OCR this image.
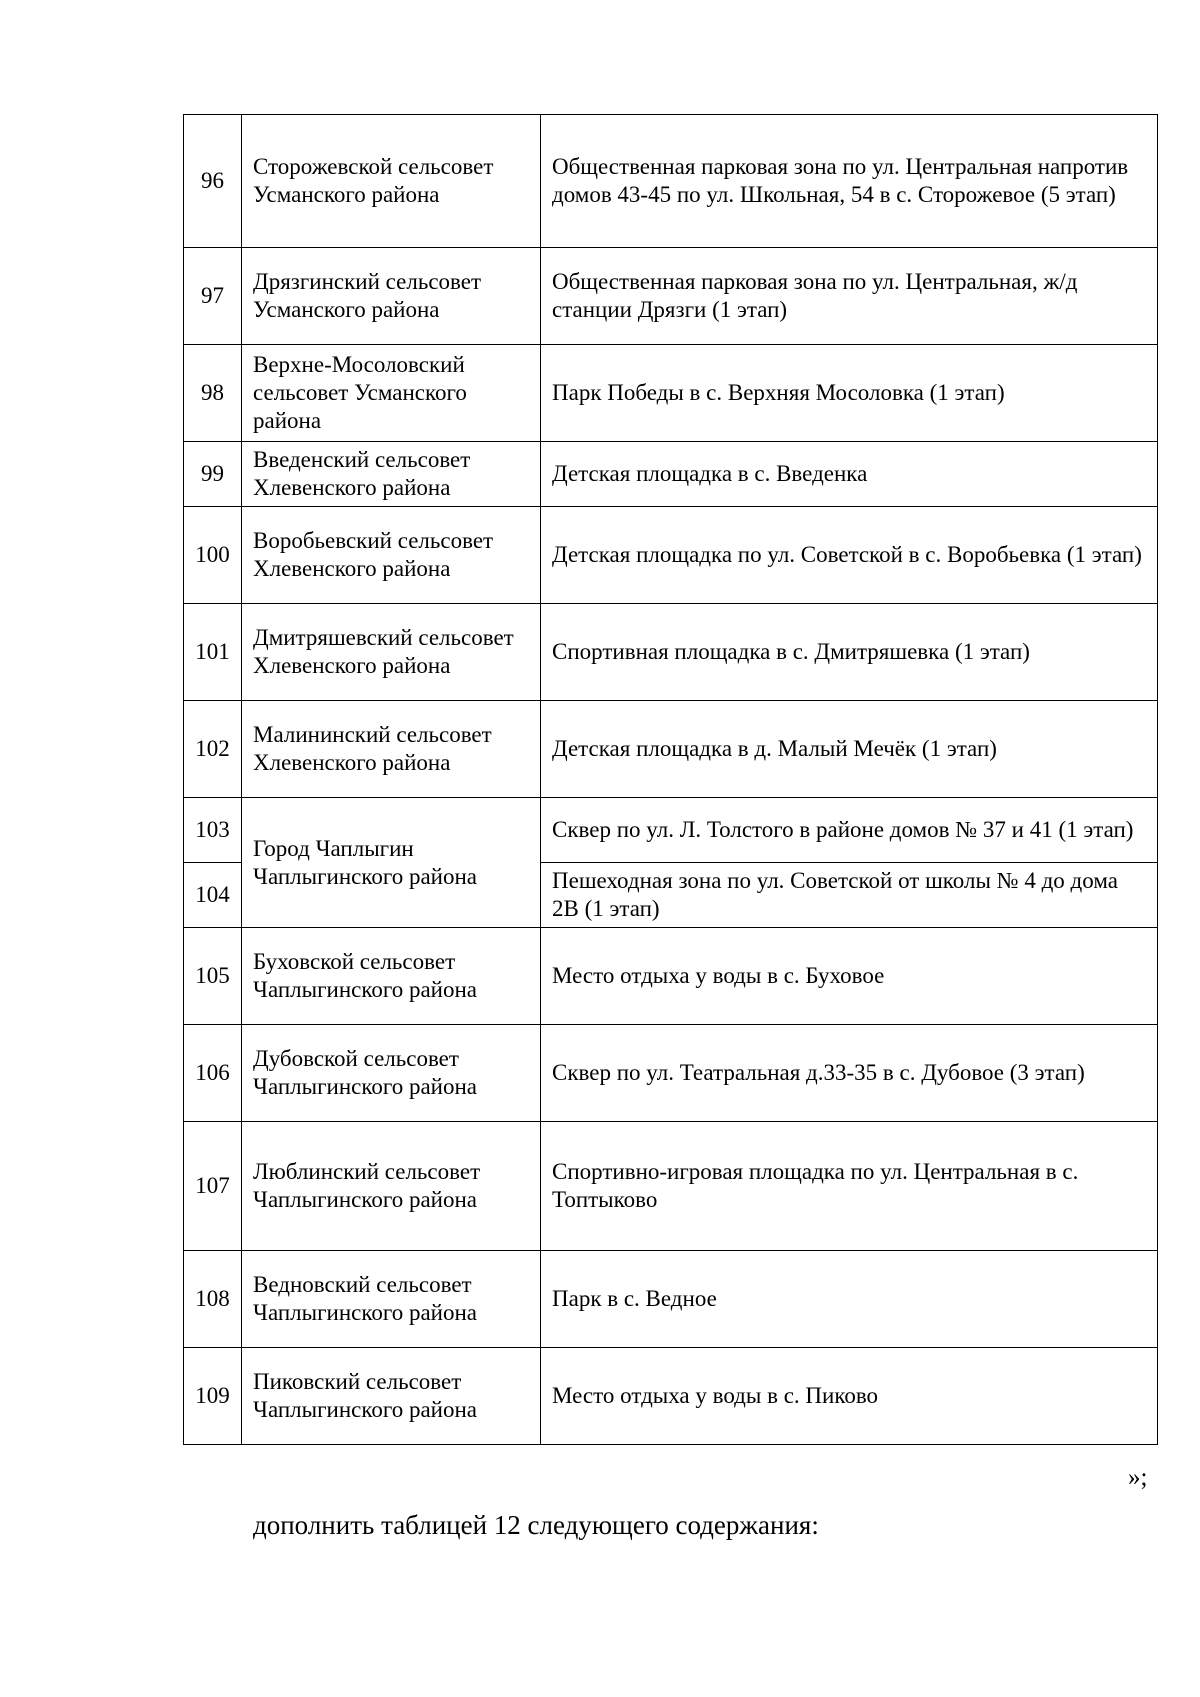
96	Сторожевской сельсовет Усманского района	Общественная парковая зона по ул. Центральная напротив домов 43-45 по ул. Школьная, 54 в с. Сторожевое (5 этап)
97	Дрязгинский сельсовет Усманского района	Общественная парковая зона по ул. Центральная, ж/д станции Дрязги (1 этап)
98	Верхне-Мосоловский сельсовет Усманского района	Парк Победы в с. Верхняя Мосоловка (1 этап)
99	Введенский сельсовет Хлевенского района	Детская площадка в с. Введенка
100	Воробьевский сельсовет Хлевенского района	Детская площадка по ул. Советской в с. Воробьевка (1 этап)
101	Дмитряшевский сельсовет Хлевенского района	Спортивная площадка в с. Дмитряшевка (1 этап)
102	Малининский сельсовет Хлевенского района	Детская площадка в д. Малый Мечёк (1 этап)
103	Город Чаплыгин Чаплыгинского района	Сквер по ул. Л. Толстого в районе домов № 37 и 41 (1 этап)
104		Пешеходная зона по ул. Советской от школы № 4 до дома 2В (1 этап)
105	Буховской сельсовет Чаплыгинского района	Место отдыха у воды в с. Буховое
106	Дубовской сельсовет Чаплыгинского района	Сквер по ул. Театральная д.33-35 в с. Дубовое (3 этап)
107	Люблинский сельсовет Чаплыгинского района	Спортивно-игровая площадка по ул. Центральная в с. Топтыково
108	Ведновский сельсовет Чаплыгинского района	Парк в с. Ведное
109	Пиковский сельсовет Чаплыгинского района	Место отдыха у воды в с. Пиково
»;
дополнить таблицей 12 следующего содержания:
